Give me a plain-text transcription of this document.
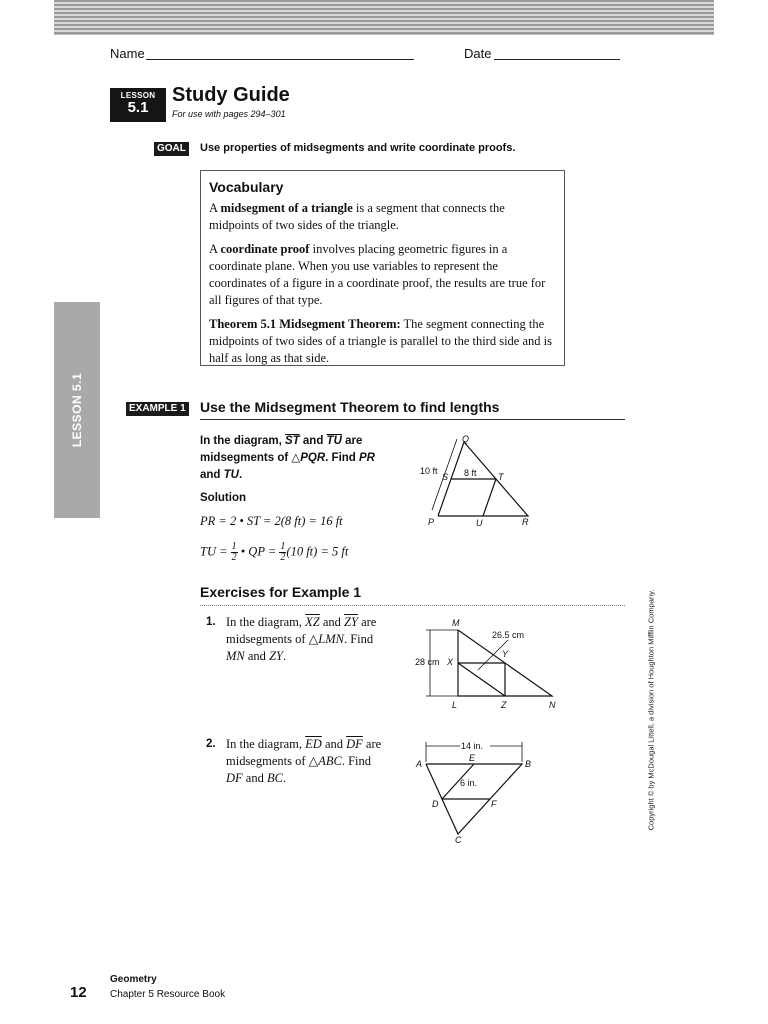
Name	Date
LESSON
5.1
Study Guide
For use with pages 294–301
GOAL Use properties of midsegments and write coordinate proofs.
Vocabulary

A midsegment of a triangle is a segment that connects the midpoints of two sides of the triangle.

A coordinate proof involves placing geometric figures in a coordinate plane. When you use variables to represent the coordinates of a figure in a coordinate proof, the results are true for all figures of that type.

Theorem 5.1 Midsegment Theorem: The segment connecting the midpoints of two sides of a triangle is parallel to the third side and is half as long as that side.

LESSON 5.1	EXAMPLE 1 Use the Midsegment Theorem to find lengths
In the diagram, $\overline{ST}$ and $\overline{TU}$ are midsegments of △PQR. Find PR and TU.
Solution
PR = 2 • ST = 2(8 ft) = 16 ft
TU = $\frac{1}{2}$ • QP = $\frac{1}{2} (10$ ft) = 5 ft
Q
S	T
P	U	R
10 ft	8 ft
Exercises for Example 1
1. In the diagram, $\overline{XZ}$ and $\overline{ZY}$ are midsegments of △LMN. Find MN and ZY.
M
X
Y
L	Z	N
28 cm
26.5 cm
2. In the diagram, $\overline{ED}$ and $\overline{DF}$ are midsegments of △ABC. Find DF and BC.
A
E
B
D	F
C
14 in.
6 in.	Copyright © by McDougal Littell, a division of Houghton Mifflin Company.
12
Geometry
Chapter 5 Resource Book
